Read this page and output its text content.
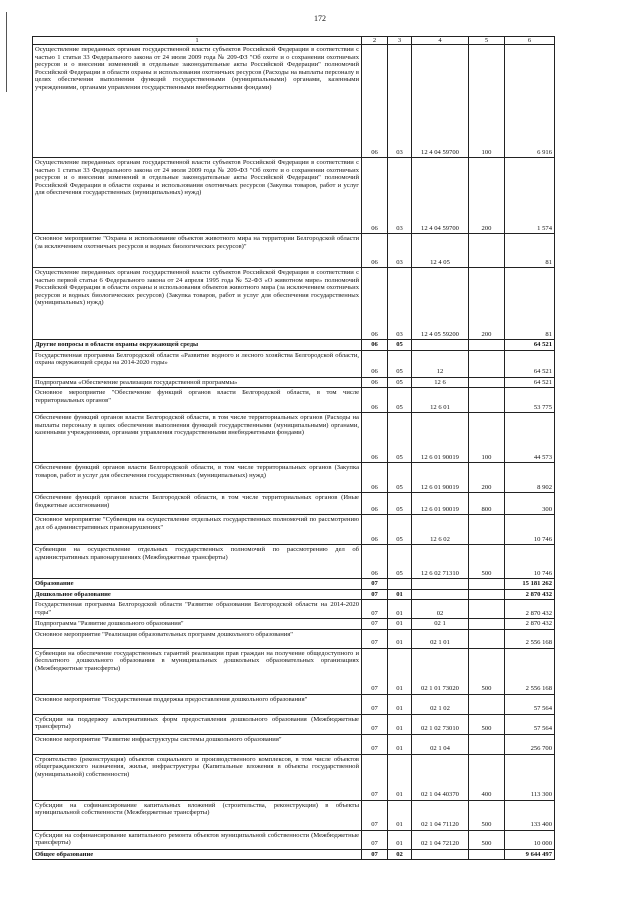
172
1	2	3	4	5	6
Осуществление переданных органам государственной власти субъектов Российской Федерации в соответствии с частью 1 статьи 33 Федерального закона от 24 июля 2009 года № 209-ФЗ "Об охоте и о сохранении охотничьих ресурсов и о внесении изменений в отдельные законодательные акты Российской Федерации" полномочий Российской Федерации в области охраны и использования охотничьих ресурсов (Расходы на выплаты персоналу в целях обеспечения выполнения функций государственными (муниципальными) органами, казенными учреждениями, органами управления государственными внебюджетными фондами)	06	03	12 4 04 59700	100	6 916
Осуществление переданных органам государственной власти субъектов Российской Федерации в соответствии с частью 1 статьи 33 Федерального закона от 24 июля 2009 года № 209-ФЗ "Об охоте и о сохранении охотничьих ресурсов и о внесении изменений в отдельные законодательные акты Российской Федерации" полномочий Российской Федерации в области охраны и использования охотничьих ресурсов (Закупка товаров, работ и услуг для обеспечения государственных (муниципальных) нужд)	06	03	12 4 04 59700	200	1 574
Основное мероприятие "Охрана и использование объектов животного мира на территории Белгородской области (за исключением охотничьих ресурсов и водных биологических ресурсов)"	06	03	12 4 05		81
Осуществление переданных органам государственной власти субъектов Российской Федерации в соответствии с частью первой статьи 6 Федерального закона от 24 апреля 1995 года № 52-ФЗ «О животном мире» полномочий Российской Федерации в области охраны и использования объектов животного мира (за исключением охотничьих ресурсов и водных биологических ресурсов) (Закупка товаров, работ и услуг для обеспечения государственных (муниципальных) нужд)	06	03	12 4 05 59200	200	81
Другие вопросы в области охраны окружающей среды	06	05			64 521
Государственная программа Белгородской области «Развитие водного и лесного хозяйства Белгородской области, охрана окружающей среды на 2014-2020 годы»	06	05	12		64 521
Подпрограмма «Обеспечение реализации государственной программы»	06	05	12 6		64 521
Основное мероприятие "Обеспечение функций органов власти Белгородской области, в том числе территориальных органов"	06	05	12 6 01		53 775
Обеспечение функций органов власти Белгородской области, в том числе территориальных органов (Расходы на выплаты персоналу в целях обеспечения выполнения функций государственными (муниципальными) органами, казенными учреждениями, органами управления государственными внебюджетными фондами)	06	05	12 6 01 90019	100	44 573
Обеспечение функций органов власти Белгородской области, в том числе территориальных органов (Закупка товаров, работ и услуг для обеспечения государственных (муниципальных) нужд)	06	05	12 6 01 90019	200	8 902
Обеспечение функций органов власти Белгородской области, в том числе территориальных органов (Иные бюджетные ассигнования)	06	05	12 6 01 90019	800	300
Основное мероприятие "Субвенция на осуществление отдельных государственных полномочий по рассмотрению дел об административных правонарушениях"	06	05	12 6 02		10 746
Субвенции на осуществление отдельных государственных полномочий по рассмотрению дел об административных правонарушениях (Межбюджетные трансферты)	06	05	12 6 02 71310	500	10 746
Образование	07				15 181 262
Дошкольное образование	07	01			2 870 432
Государственная программа Белгородской области "Развитие образования Белгородской области на 2014-2020 годы"	07	01	02		2 870 432
Подпрограмма "Развитие дошкольного образования"	07	01	02 1		2 870 432
Основное мероприятие "Реализация образовательных программ дошкольного образования"	07	01	02 1 01		2 556 168
Субвенции на обеспечение государственных гарантий реализации прав граждан на получение общедоступного и бесплатного дошкольного образования в муниципальных дошкольных образовательных организациях (Межбюджетные трансферты)	07	01	02 1 01 73020	500	2 556 168
Основное мероприятие "Государственная поддержка предоставления дошкольного образования"	07	01	02 1 02		57 564
Субсидии на поддержку альтернативных форм предоставления дошкольного образования (Межбюджетные трансферты)	07	01	02 1 02 73010	500	57 564
Основное мероприятие "Развитие инфраструктуры системы дошкольного образования"	07	01	02 1 04		256 700
Строительство (реконструкция) объектов социального и производственного комплексов, в том числе объектов общегражданского назначения, жилья, инфраструктуры (Капитальные вложения в объекты государственной (муниципальной) собственности)	07	01	02 1 04 40370	400	113 300
Субсидии на софинансирование капитальных вложений (строительства, реконструкции) в объекты муниципальной собственности (Межбюджетные трансферты)	07	01	02 1 04 71120	500	133 400
Субсидии на софинансирование капитального ремонта объектов муниципальной собственности (Межбюджетные трансферты)	07	01	02 1 04 72120	500	10 000
Общее образование	07	02			9 644 497
